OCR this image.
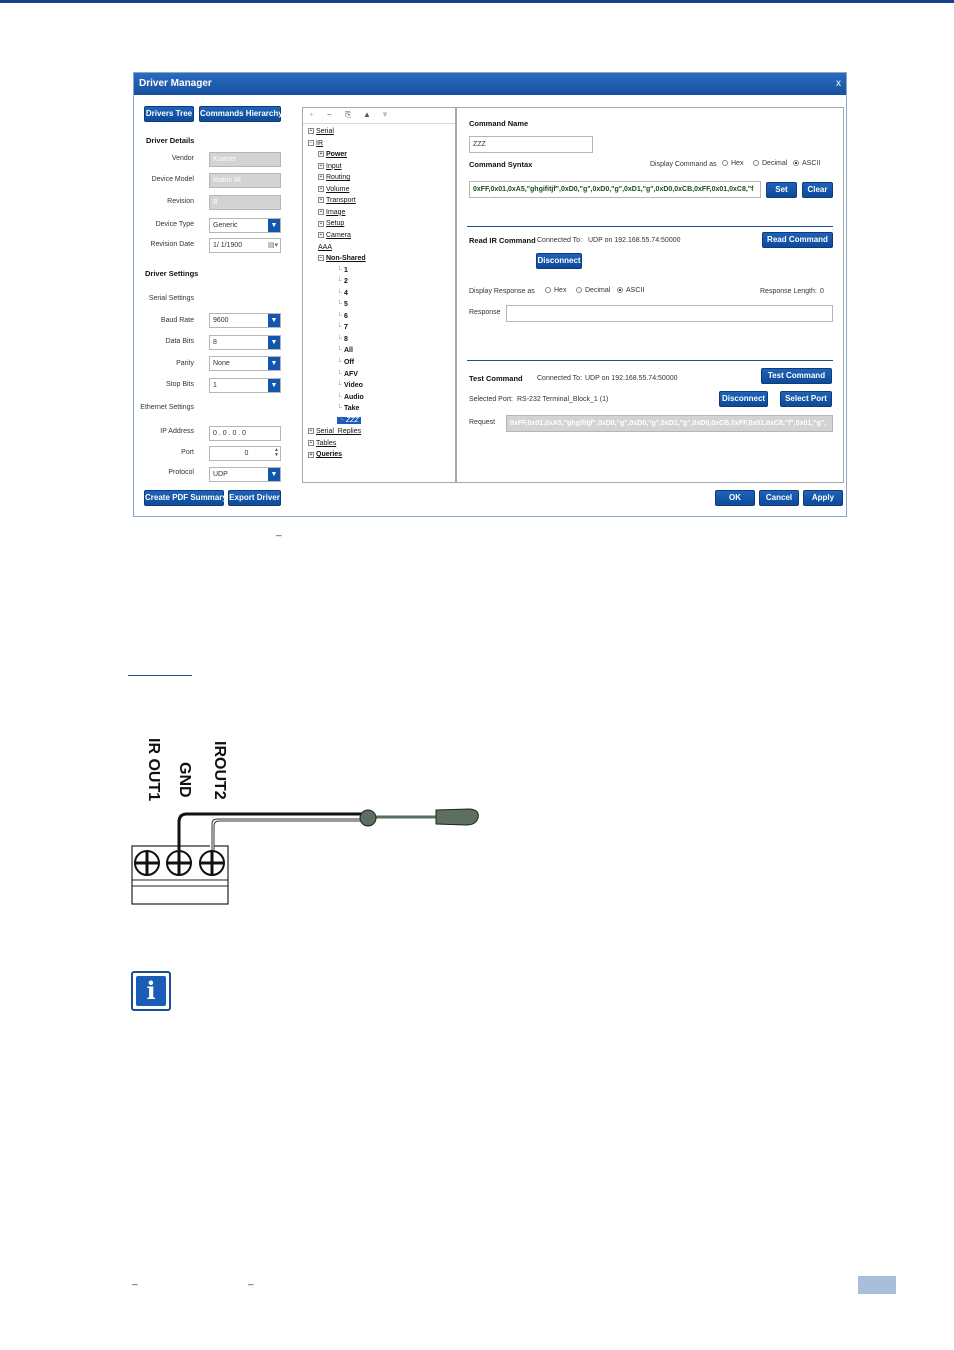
Driver Manager	x
Drivers Tree Commands Hierarchy
Driver Details
Vendor	Kramer
Device Model	Matrix IR
Revision	B
Device Type	Generic	▼
Revision Date	1/ 1/1900	▤▾
Driver Settings
Serial Settings
Baud Rate	9600	▼
Data Bits	8	▼
Parity	None	▼
Stop Bits	1	▼
Ethernet Settings
IP Address	0 . 0 . 0 . 0
Port	0	▲
▼
Protocol	UDP	▼
Create PDF Summary Export Driver
+ − ⎘ ▲ ▼
+ Serial
− IR
+ Power
+ Input
+ Routing
+ Volume
+ Transport
+ Image
+ Setup
+ Camera
AAA
− Non-Shared
└ 1
└ 2
└ 4
└ 5
└ 6
└ 7
└ 8
└ All
└ Off
└ AFV
└ Video
└ Audio
└ Take
└ ZZZ
+ Serial_Replies
+ Tables
+ Queries
Command Name
ZZZ
Command Syntax	Display Command as	Hex	Decimal	ASCII
0xFF,0x01,0xA5,"ghgifitjf",0xD0,"g",0xD0,"g",0xD1,"g",0xD0,0xCB,0xFF,0x01,0xC8,"f	Set	Clear
Read IR Command Connected To: UDP on 192.168.55.74:50000	Read Command
Disconnect
Display Response as	Hex	Decimal	ASCII	Response Length: 0
Response
Test Command Connected To: UDP on 192.168.55.74:50000	Test Command
Selected Port: RS-232 Terminal_Block_1 (1)	Disconnect	Select Port
Request	0xFF,0x01,0xA5,"ghgifitjf",0xD0,"g",0xD0,"g",0xD1,"g",0xD0,0xCB,0xFF,0x01,0xC8,"f",0x01,"g",
OK	Cancel	Apply
_
IR OUT1 GND IROUT2
i
_	_
